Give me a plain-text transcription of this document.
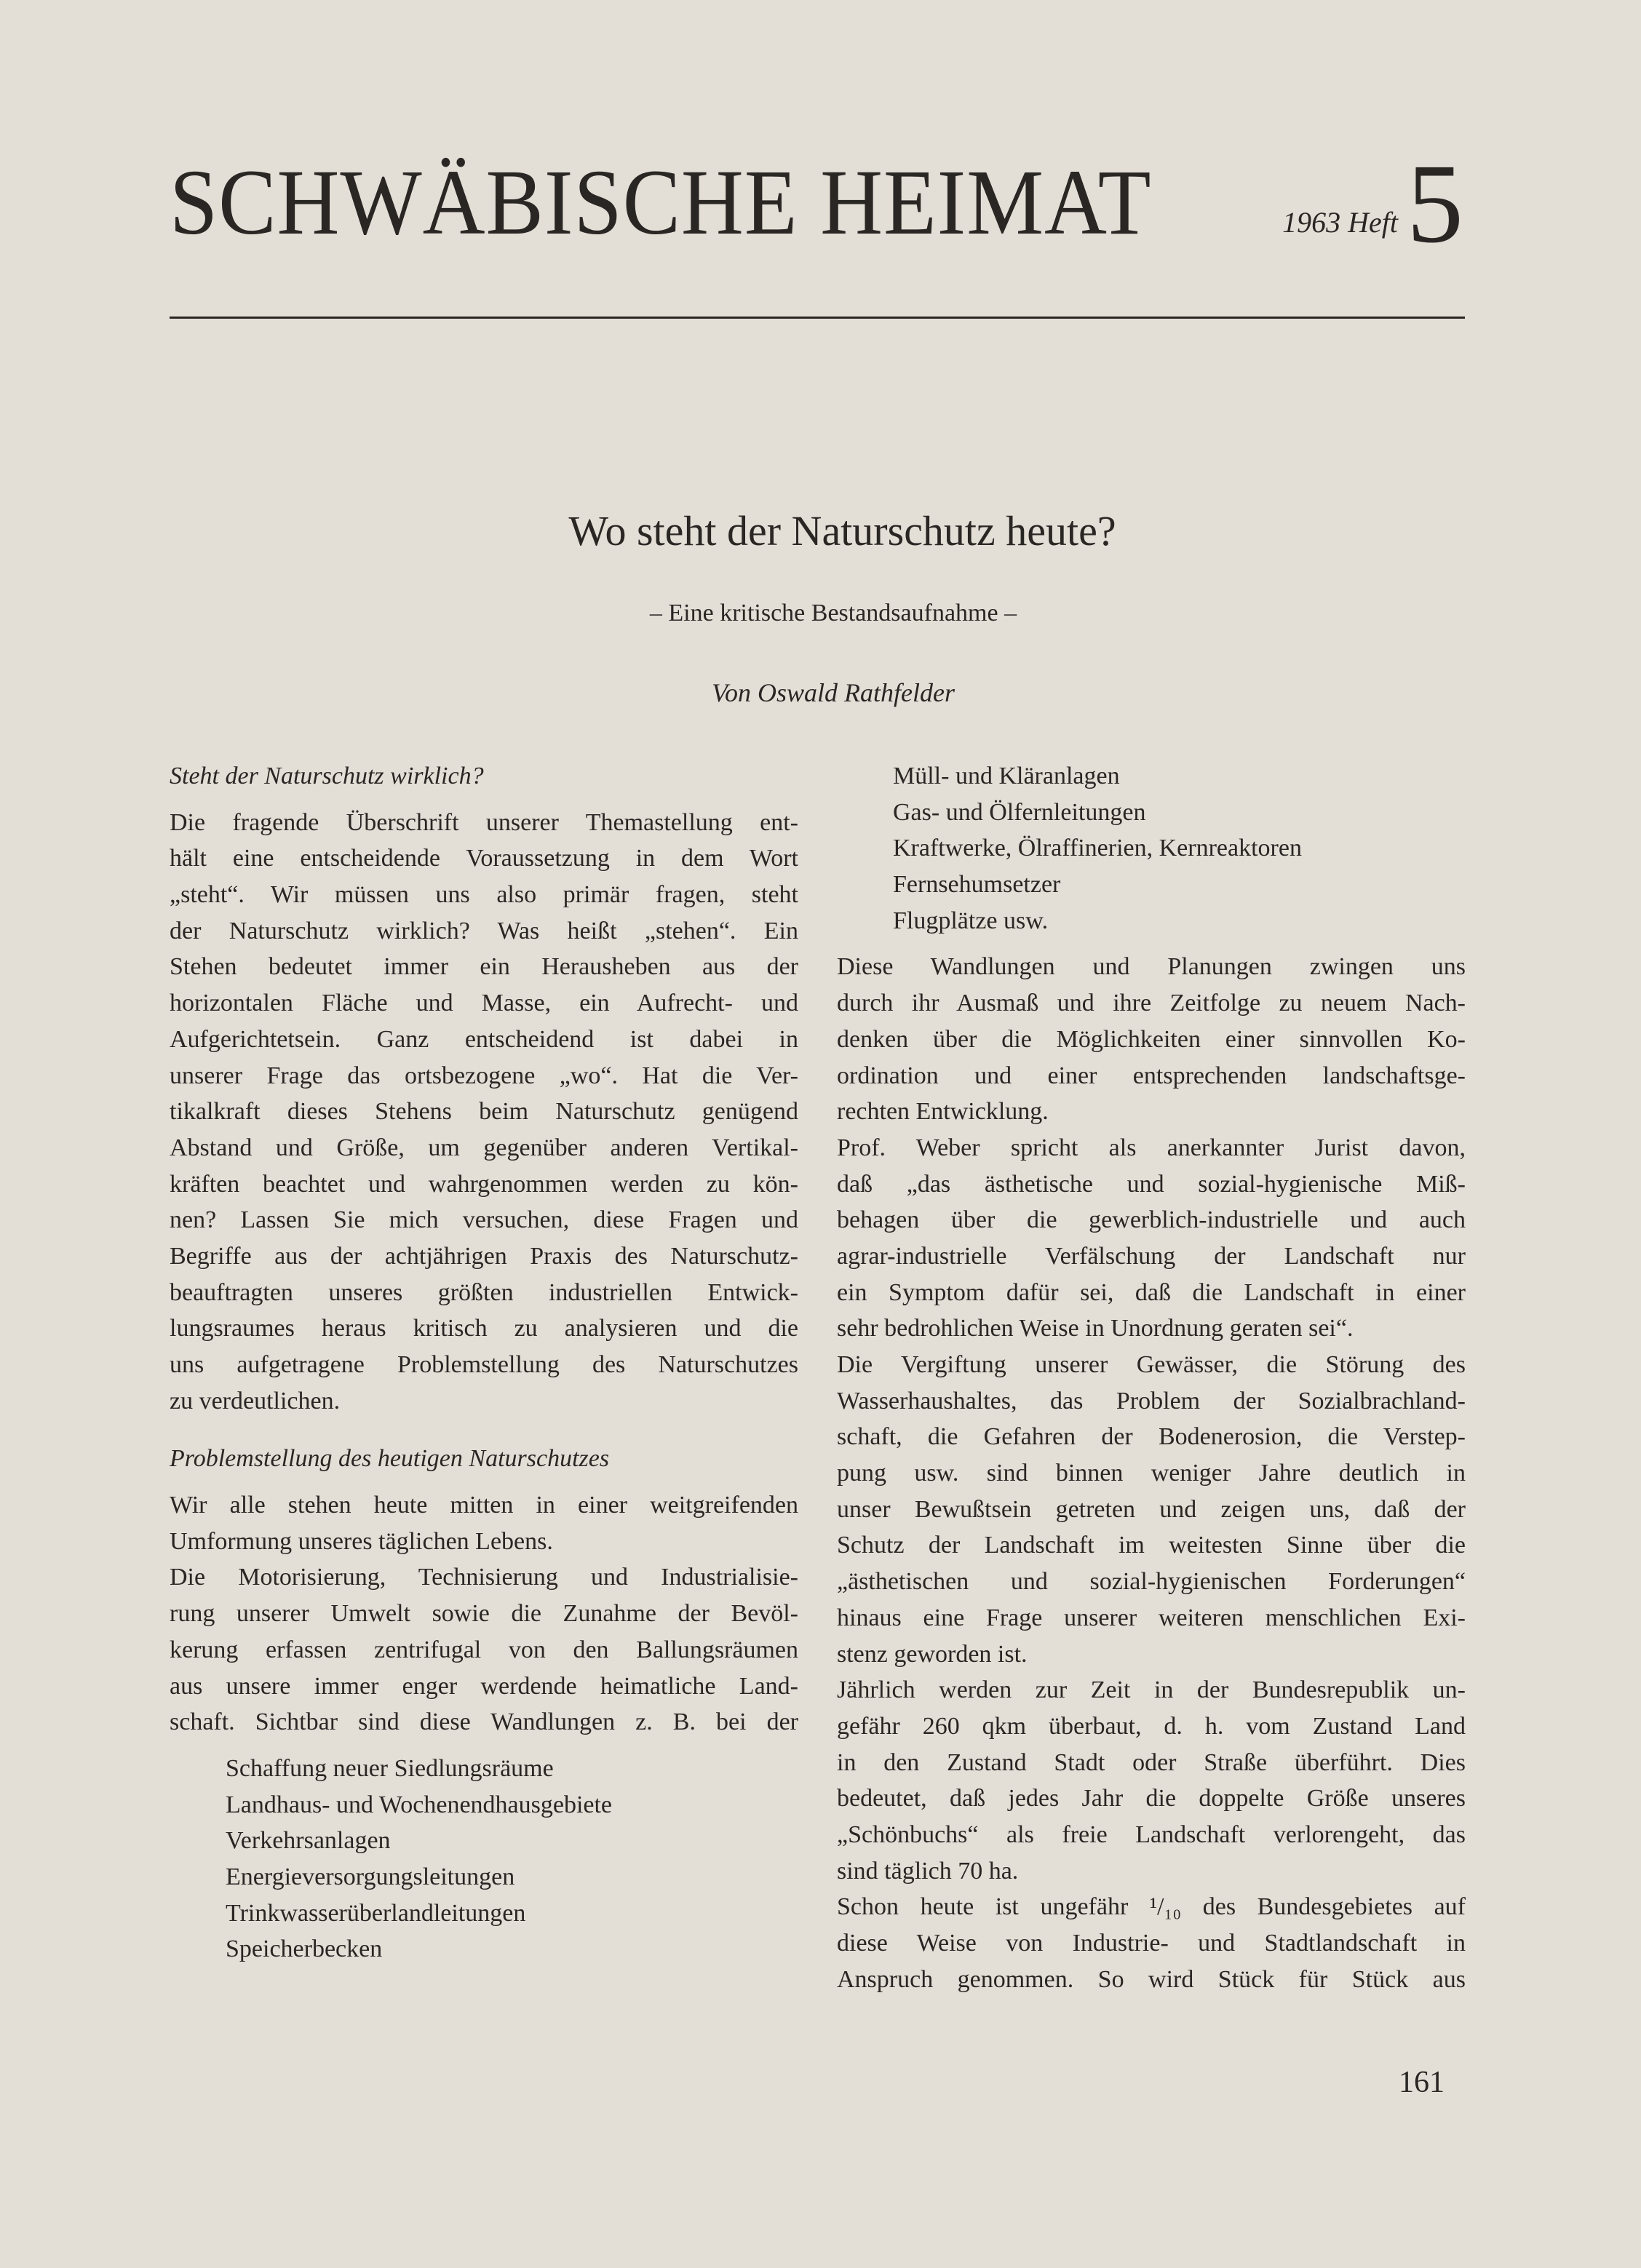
SCHWÄBISCHE HEIMAT	1963 Heft 5
Wo steht der Naturschutz heute?
– Eine kritische Bestandsaufnahme –
Von Oswald Rathfelder
Steht der Naturschutz wirklich?
Die fragende Überschrift unserer Themastellung ent-
hält eine entscheidende Voraussetzung in dem Wort
„steht“. Wir müssen uns also primär fragen, steht
der Naturschutz wirklich? Was heißt „stehen“. Ein
Stehen bedeutet immer ein Herausheben aus der
horizontalen Fläche und Masse, ein Aufrecht- und
Aufgerichtetsein. Ganz entscheidend ist dabei in
unserer Frage das ortsbezogene „wo“. Hat die Ver-
tikalkraft dieses Stehens beim Naturschutz genügend
Abstand und Größe, um gegenüber anderen Vertikal-
kräften beachtet und wahrgenommen werden zu kön-
nen? Lassen Sie mich versuchen, diese Fragen und
Begriffe aus der achtjährigen Praxis des Naturschutz-
beauftragten unseres größten industriellen Entwick-
lungsraumes heraus kritisch zu analysieren und die
uns aufgetragene Problemstellung des Naturschutzes
zu verdeutlichen.
Problemstellung des heutigen Naturschutzes
Wir alle stehen heute mitten in einer weitgreifenden
Umformung unseres täglichen Lebens.
Die Motorisierung, Technisierung und Industrialisie-
rung unserer Umwelt sowie die Zunahme der Bevöl-
kerung erfassen zentrifugal von den Ballungsräumen
aus unsere immer enger werdende heimatliche Land-
schaft. Sichtbar sind diese Wandlungen z. B. bei der
Schaffung neuer Siedlungsräume
Landhaus- und Wochenendhausgebiete
Verkehrsanlagen
Energieversorgungsleitungen
Trinkwasserüberlandleitungen
Speicherbecken
Müll- und Kläranlagen
Gas- und Ölfernleitungen
Kraftwerke, Ölraffinerien, Kernreaktoren
Fernsehumsetzer
Flugplätze usw.
Diese Wandlungen und Planungen zwingen uns
durch ihr Ausmaß und ihre Zeitfolge zu neuem Nach-
denken über die Möglichkeiten einer sinnvollen Ko-
ordination und einer entsprechenden landschaftsge-
rechten Entwicklung.
Prof. Weber spricht als anerkannter Jurist davon,
daß „das ästhetische und sozial-hygienische Miß-
behagen über die gewerblich-industrielle und auch
agrar-industrielle Verfälschung der Landschaft nur
ein Symptom dafür sei, daß die Landschaft in einer
sehr bedrohlichen Weise in Unordnung geraten sei“.
Die Vergiftung unserer Gewässer, die Störung des
Wasserhaushaltes, das Problem der Sozialbrachland-
schaft, die Gefahren der Bodenerosion, die Verstep-
pung usw. sind binnen weniger Jahre deutlich in
unser Bewußtsein getreten und zeigen uns, daß der
Schutz der Landschaft im weitesten Sinne über die
„ästhetischen und sozial-hygienischen Forderungen“
hinaus eine Frage unserer weiteren menschlichen Exi-
stenz geworden ist.
Jährlich werden zur Zeit in der Bundesrepublik un-
gefähr 260 qkm überbaut, d. h. vom Zustand Land
in den Zustand Stadt oder Straße überführt. Dies
bedeutet, daß jedes Jahr die doppelte Größe unseres
„Schönbuchs“ als freie Landschaft verlorengeht, das
sind täglich 70 ha.
Schon heute ist ungefähr ¹/₁₀ des Bundesgebietes auf
diese Weise von Industrie- und Stadtlandschaft in
Anspruch genommen. So wird Stück für Stück aus
161
